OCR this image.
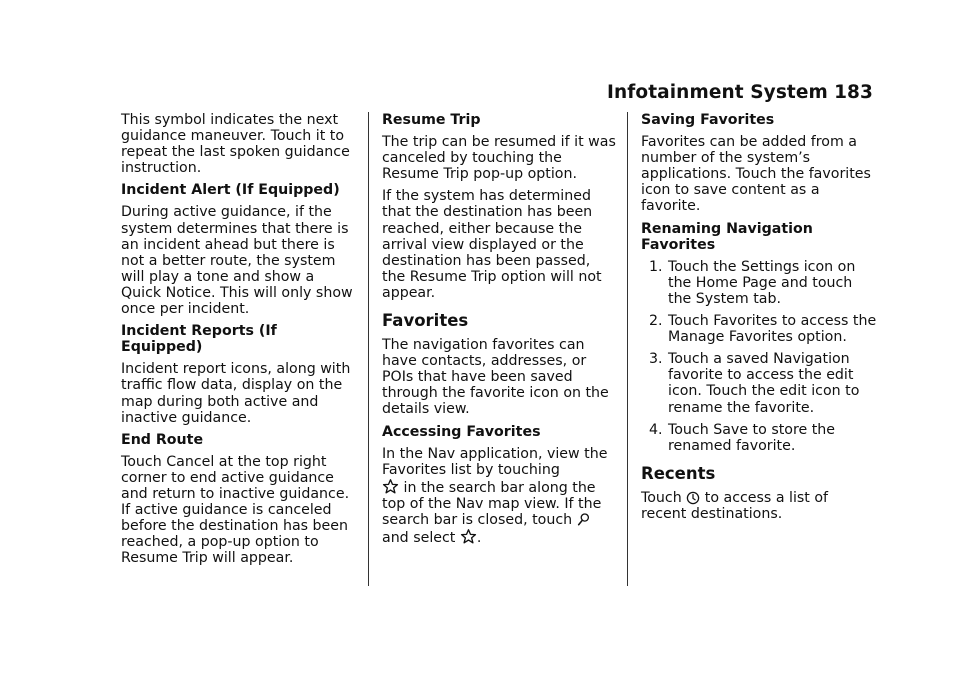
Infotainment System 183

This symbol indicates the next guidance maneuver. Touch it to repeat the last spoken guidance instruction.

Incident Alert (If Equipped)

During active guidance, if the system determines that there is an incident ahead but there is not a better route, the system will play a tone and show a Quick Notice. This will only show once per incident.

Incident Reports (If Equipped)

Incident report icons, along with traffic flow data, display on the map during both active and inactive guidance.

End Route

Touch Cancel at the top right corner to end active guidance and return to inactive guidance. If active guidance is canceled before the destination has been reached, a pop-up option to Resume Trip will appear.

Resume Trip

The trip can be resumed if it was canceled by touching the Resume Trip pop-up option.

If the system has determined that the destination has been reached, either because the arrival view displayed or the destination has been passed, the Resume Trip option will not appear.

Favorites

The navigation favorites can have contacts, addresses, or POIs that have been saved through the favorite icon on the details view.

Accessing Favorites

In the Nav application, view the Favorites list by touching

in the search bar along the top of the Nav map view. If the search bar is closed, touch

and select .

Saving Favorites

Favorites can be added from a number of the system’s applications. Touch the favorites icon to save content as a favorite.

Renaming Navigation Favorites

1. Touch the Settings icon on the Home Page and touch the System tab.
2. Touch Favorites to access the Manage Favorites option.
3. Touch a saved Navigation favorite to access the edit icon. Touch the edit icon to rename the favorite.
4. Touch Save to store the renamed favorite.
Recents

Touch to access a list of recent destinations.
